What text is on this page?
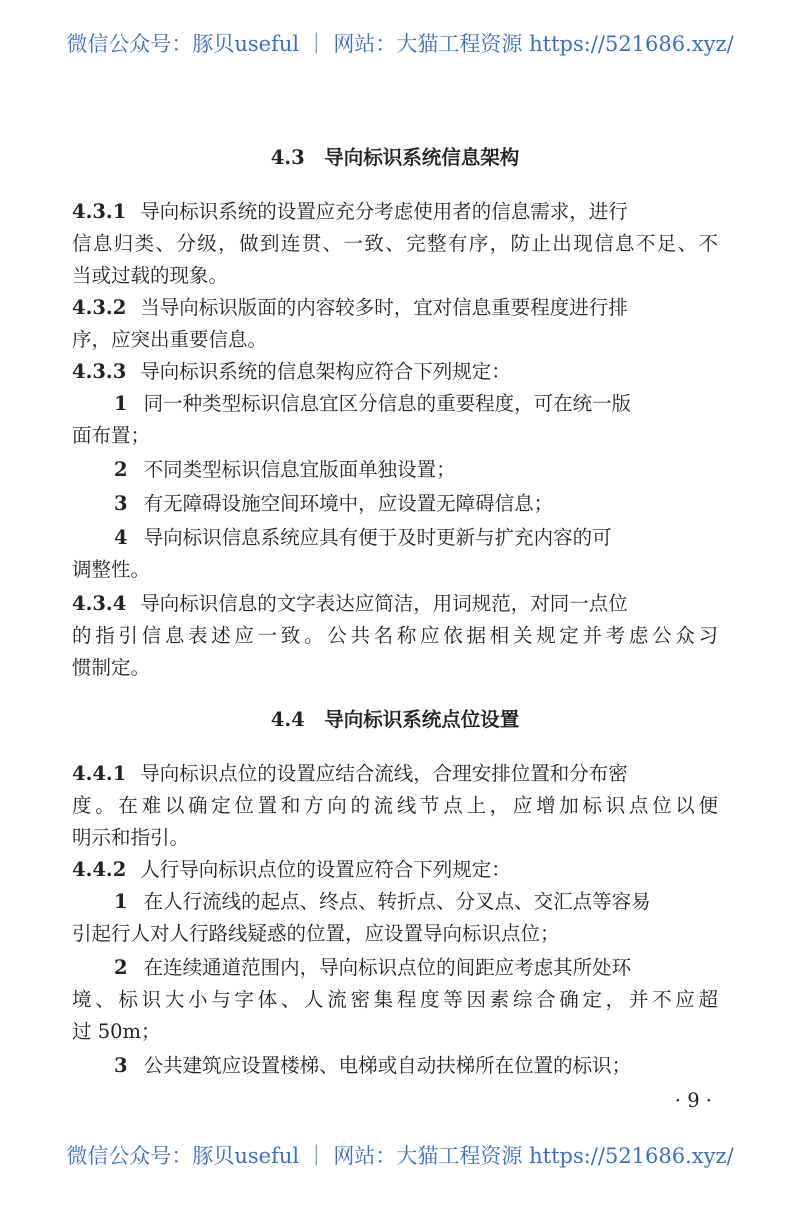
微信公众号：豚贝useful ｜ 网站：大猫工程资源 https://521686.xyz/
4.3　导向标识系统信息架构
4.3.1 导向标识系统的设置应充分考虑使用者的信息需求，进行
信息归类、分级，做到连贯、一致、完整有序，防止出现信息不足、不
当或过载的现象。
4.3.2 当导向标识版面的内容较多时，宜对信息重要程度进行排
序，应突出重要信息。
4.3.3 导向标识系统的信息架构应符合下列规定：
1 同一种类型标识信息宜区分信息的重要程度，可在统一版
面布置；
2 不同类型标识信息宜版面单独设置；
3 有无障碍设施空间环境中，应设置无障碍信息；
4 导向标识信息系统应具有便于及时更新与扩充内容的可
调整性。
4.3.4 导向标识信息的文字表达应简洁，用词规范，对同一点位
的指引信息表述应一致。公共名称应依据相关规定并考虑公众习
惯制定。
4.4　导向标识系统点位设置
4.4.1 导向标识点位的设置应结合流线，合理安排位置和分布密
度。在难以确定位置和方向的流线节点上，应增加标识点位以便
明示和指引。
4.4.2 人行导向标识点位的设置应符合下列规定：
1 在人行流线的起点、终点、转折点、分叉点、交汇点等容易
引起行人对人行路线疑惑的位置，应设置导向标识点位；
2 在连续通道范围内，导向标识点位的间距应考虑其所处环
境、标识大小与字体、人流密集程度等因素综合确定，并不应超
过 50m；
3 公共建筑应设置楼梯、电梯或自动扶梯所在位置的标识；
· 9 ·
微信公众号：豚贝useful ｜ 网站：大猫工程资源 https://521686.xyz/
